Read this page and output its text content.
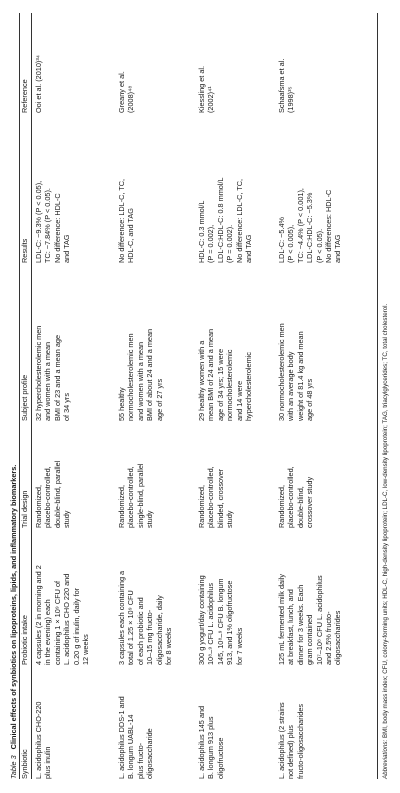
Table 3Clinical effects of synbiotics on lipoproteins, lipids, and inflammatory biomarkers.
Synbiotic
Probiotic intake
Trial design
Subject profile
Results
Reference
L. acidophilus CHO-220
plus inulin
4 capsules (2 in morning and 2
in the evening) each
containing 1 × 10⁹ CFU of
L. acidophilus CHO 220 and
0.20 g of inulin, daily for
12 weeks
Randomized,
placebo-controlled,
double-blind, parallel
study
32 hypercholesterolemic men
and women with a mean
BMI of 23 and a mean age
of 34 yrs
LDL-C: −9.3% (P < 0.05),
TC: −7.84% (P < 0.05).
No difference: HDL-C
and TAG
Ooi et al. (2010)³⁴
L. acidophilus DDS-1 and
B. longum UABL-14
plus fructo-
oligosaccharide
3 capsules each containing a
total of 1.25 × 10⁹ CFU
of each probiotic and
10–15 mg fructo-
oligosaccharide, daily
for 8 weeks
Randomized,
placebo-controlled,
single-blind, parallel
study
55 healthy
normocholesterolemic men
and women with a mean
BMI of about 24 and a mean
age of 27 yrs
No difference: LDL-C, TC,
HDL-C, and TAG
Greany et al.
(2008)⁴⁸
L. acidophilus 145 and
B. longum 913 plus
oligofructose
300 g yogurt/day containing
10⁸–⁹ CFU L. acidophilus
145, 10⁸–⁹ CFU B. longum
913, and 1% oligofructose
for 7 weeks
Randomized,
placebo-controlled,
blinded, crossover
study
29 healthy women with a
mean BMI of 24 and a mean
age of 34 yrs; 15 were
normocholesterolemic
and 14 were
hypercholesterolemic
HDL-C: 0.3 mmol/L
(P = 0.002),
LDL-C:HDL-C: 0.8 mmol/L
(P = 0.002).
No difference: LDL-C, TC,
and TAG
Kiessling et al.
(2002)⁴¹
L. acidophilus (2 strains
not defined) plus
fructo-oligosaccharides
125 mL fermented milk daily
at breakfast, lunch, and
dinner for 3 weeks. Each
gram contained
10⁷–10⁸ CFU L. acidophilus
and 2.5% fructo-
oligosaccharides
Randomized,
placebo-controlled,
double-blind,
crossover study
30 normocholesterolemic men
with an average body
weight of 81.4 kg and mean
age of 48 yrs
LDL-C: −5.4%
(P < 0.005),
TC: −4.4% (P < 0.001),
LDL-C:HDL-C: −5.3%
(P < 0.05).
No differences: HDL-C
and TAG
Schaafsma et al.
(1998)³⁵
Abbreviations: BMI, body mass index; CFU, colony-forming units; HDL-C, high-density lipoprotein; LDL-C, low-density lipoprotein; TAG, triacylglycerides; TC, total cholesterol.
